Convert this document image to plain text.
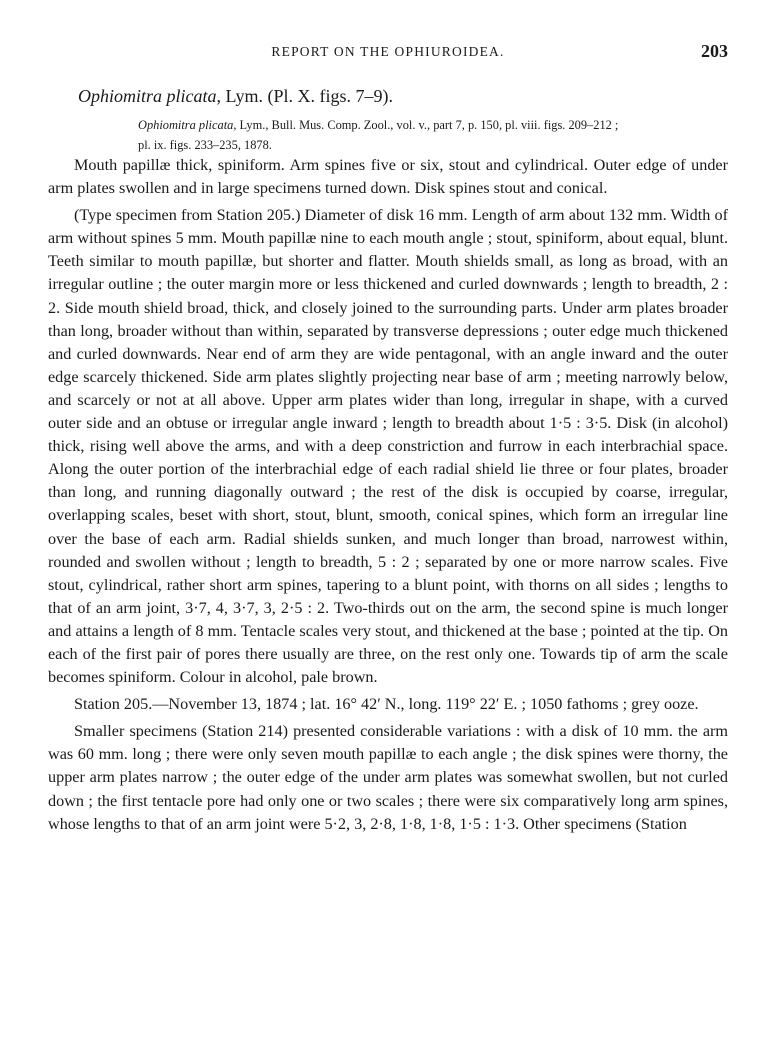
REPORT ON THE OPHIUROIDEA.	203
Ophiomitra plicata, Lym. (Pl. X. figs. 7–9).
Ophiomitra plicata, Lym., Bull. Mus. Comp. Zool., vol. v., part 7, p. 150, pl. viii. figs. 209–212 ;
pl. ix. figs. 233–235, 1878.

Mouth papillæ thick, spiniform. Arm spines five or six, stout and cylindrical. Outer edge of under arm plates swollen and in large specimens turned down. Disk spines stout and conical.

(Type specimen from Station 205.) Diameter of disk 16 mm. Length of arm about 132 mm. Width of arm without spines 5 mm. Mouth papillæ nine to each mouth angle ; stout, spiniform, about equal, blunt. Teeth similar to mouth papillæ, but shorter and flatter. Mouth shields small, as long as broad, with an irregular outline ; the outer margin more or less thickened and curled downwards ; length to breadth, 2 : 2. Side mouth shield broad, thick, and closely joined to the surrounding parts. Under arm plates broader than long, broader without than within, separated by transverse depressions ; outer edge much thickened and curled downwards. Near end of arm they are wide pentagonal, with an angle inward and the outer edge scarcely thickened. Side arm plates slightly projecting near base of arm ; meeting narrowly below, and scarcely or not at all above. Upper arm plates wider than long, irregular in shape, with a curved outer side and an obtuse or irregular angle inward ; length to breadth about 1·5 : 3·5. Disk (in alcohol) thick, rising well above the arms, and with a deep constriction and furrow in each interbrachial space. Along the outer portion of the interbrachial edge of each radial shield lie three or four plates, broader than long, and running diagonally outward ; the rest of the disk is occupied by coarse, irregular, overlapping scales, beset with short, stout, blunt, smooth, conical spines, which form an irregular line over the base of each arm. Radial shields sunken, and much longer than broad, narrowest within, rounded and swollen without ; length to breadth, 5 : 2 ; separated by one or more narrow scales. Five stout, cylindrical, rather short arm spines, tapering to a blunt point, with thorns on all sides ; lengths to that of an arm joint, 3·7, 4, 3·7, 3, 2·5 : 2. Two-thirds out on the arm, the second spine is much longer and attains a length of 8 mm. Tentacle scales very stout, and thickened at the base ; pointed at the tip. On each of the first pair of pores there usually are three, on the rest only one. Towards tip of arm the scale becomes spiniform. Colour in alcohol, pale brown.

Station 205.—November 13, 1874 ; lat. 16° 42′ N., long. 119° 22′ E. ; 1050 fathoms ; grey ooze.

Smaller specimens (Station 214) presented considerable variations : with a disk of 10 mm. the arm was 60 mm. long ; there were only seven mouth papillæ to each angle ; the disk spines were thorny, the upper arm plates narrow ; the outer edge of the under arm plates was somewhat swollen, but not curled down ; the first tentacle pore had only one or two scales ; there were six comparatively long arm spines, whose lengths to that of an arm joint were 5·2, 3, 2·8, 1·8, 1·8, 1·5 : 1·3. Other specimens (Station
